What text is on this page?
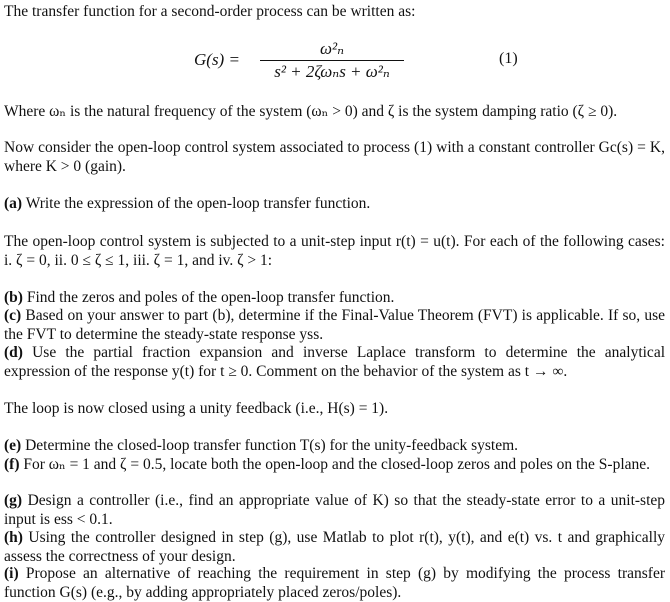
The transfer function for a second-order process can be written as:

G(s) =
ω²ₙ
s² + 2ζωₙs + ω²ₙ
(1)

Where ωₙ is the natural frequency of the system (ωₙ > 0) and ζ is the system damping ratio (ζ ≥ 0).

Now consider the open-loop control system associated to process (1) with a constant controller Gc(s) = K, where K > 0 (gain).

(a) Write the expression of the open-loop transfer function.

The open-loop control system is subjected to a unit-step input r(t) = u(t). For each of the following cases: i. ζ = 0, ii. 0 ≤ ζ ≤ 1, iii. ζ = 1, and iv. ζ > 1:

(b) Find the zeros and poles of the open-loop transfer function.

(c) Based on your answer to part (b), determine if the Final-Value Theorem (FVT) is applicable. If so, use the FVT to determine the steady-state response yss.

(d) Use the partial fraction expansion and inverse Laplace transform to determine the analytical expression of the response y(t) for t ≥ 0. Comment on the behavior of the system as t → ∞.

The loop is now closed using a unity feedback (i.e., H(s) = 1).

(e) Determine the closed-loop transfer function T(s) for the unity-feedback system.

(f) For ωₙ = 1 and ζ = 0.5, locate both the open-loop and the closed-loop zeros and poles on the S-plane.

(g) Design a controller (i.e., find an appropriate value of K) so that the steady-state error to a unit-step input is ess < 0.1.

(h) Using the controller designed in step (g), use Matlab to plot r(t), y(t), and e(t) vs. t and graphically assess the correctness of your design.

(i) Propose an alternative of reaching the requirement in step (g) by modifying the process transfer function G(s) (e.g., by adding appropriately placed zeros/poles).
